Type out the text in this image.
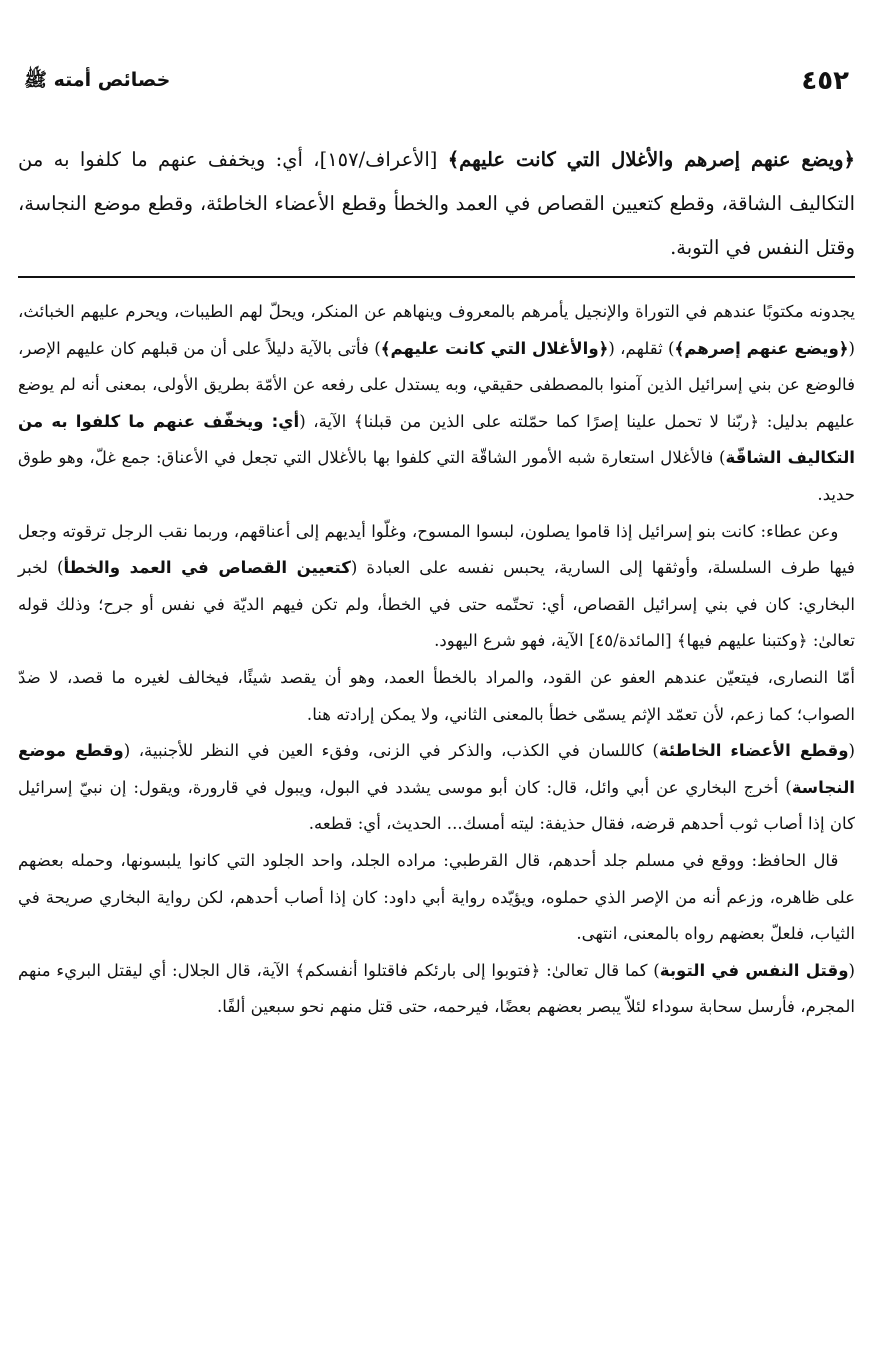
٤٥٢
خصائص أمته ﷺ
﴿ويضع عنهم إصرهم والأغلال التي كانت عليهم﴾ [الأعراف/١٥٧]، أي: ويخفف عنهم ما كلفوا به من التكاليف الشاقة، وقطع كتعيين القصاص في العمد والخطأ وقطع الأعضاء الخاطئة، وقطع موضع النجاسة، وقتل النفس في التوبة.

يجدونه مكتوبًا عندهم في التوراة والإنجيل يأمرهم بالمعروف وينهاهم عن المنكر، ويحلّ لهم الطيبات، ويحرم عليهم الخبائث، (﴿ويضع عنهم إصرهم﴾) ثقلهم، (﴿والأغلال التي كانت عليهم﴾) فأتى بالآية دليلاً على أن من قبلهم كان عليهم الإصر، فالوضع عن بني إسرائيل الذين آمنوا بالمصطفى حقيقي، وبه يستدل على رفعه عن الأمّة بطريق الأولى، بمعنى أنه لم يوضع عليهم بدليل: ﴿ربّنا لا تحمل علينا إصرًا كما حمّلته على الذين من قبلنا﴾ الآية، (أي: ويخفّف عنهم ما كلفوا به من التكاليف الشاقّة) فالأغلال استعارة شبه الأمور الشاقّة التي كلفوا بها بالأغلال التي تجعل في الأعناق: جمع غلّ، وهو طوق حديد.

 وعن عطاء: كانت بنو إسرائيل إذا قاموا يصلون، لبسوا المسوح، وغلّوا أيديهم إلى أعناقهم، وربما نقب الرجل ترقوته وجعل فيها طرف السلسلة، وأوثقها إلى السارية، يحبس نفسه على العبادة (كتعيين القصاص في العمد والخطأ) لخبر البخاري: كان في بني إسرائيل القصاص، أي: تحتّمه حتى في الخطأ، ولم تكن فيهم الديّة في نفس أو جرح؛ وذلك قوله تعالىٰ: ﴿وكتبنا عليهم فيها﴾ [المائدة/٤٥] الآية، فهو شرع اليهود.

أمّا النصارى، فيتعيّن عندهم العفو عن القود، والمراد بالخطأ العمد، وهو أن يقصد شيئًا، فيخالف لغيره ما قصد، لا ضدّ الصواب؛ كما زعم، لأن تعمّد الإثم يسمّى خطأ بالمعنى الثاني، ولا يمكن إرادته هنا.

(وقطع الأعضاء الخاطئة) كاللسان في الكذب، والذكر في الزنى، وفقء العين في النظر للأجنبية، (وقطع موضع النجاسة) أخرج البخاري عن أبي وائل، قال: كان أبو موسى يشدد في البول، ويبول في قارورة، ويقول: إن نبيّ إسرائيل كان إذا أصاب ثوب أحدهم قرضه، فقال حذيفة: ليته أمسك... الحديث، أي: قطعه.

 قال الحافظ: ووقع في مسلم جلد أحدهم، قال القرطبي: مراده الجلد، واحد الجلود التي كانوا يلبسونها، وحمله بعضهم على ظاهره، وزعم أنه من الإصر الذي حملوه، ويؤيّده رواية أبي داود: كان إذا أصاب أحدهم، لكن رواية البخاري صريحة في الثياب، فلعلّ بعضهم رواه بالمعنى، انتهى.

(وقتل النفس في التوبة) كما قال تعالىٰ: ﴿فتوبوا إلى بارئكم فاقتلوا أنفسكم﴾ الآية، قال الجلال: أي ليقتل البريء منهم المجرم، فأرسل سحابة سوداء لئلاّ يبصر بعضهم بعضًا، فيرحمه، حتى قتل منهم نحو سبعين ألفًا.
